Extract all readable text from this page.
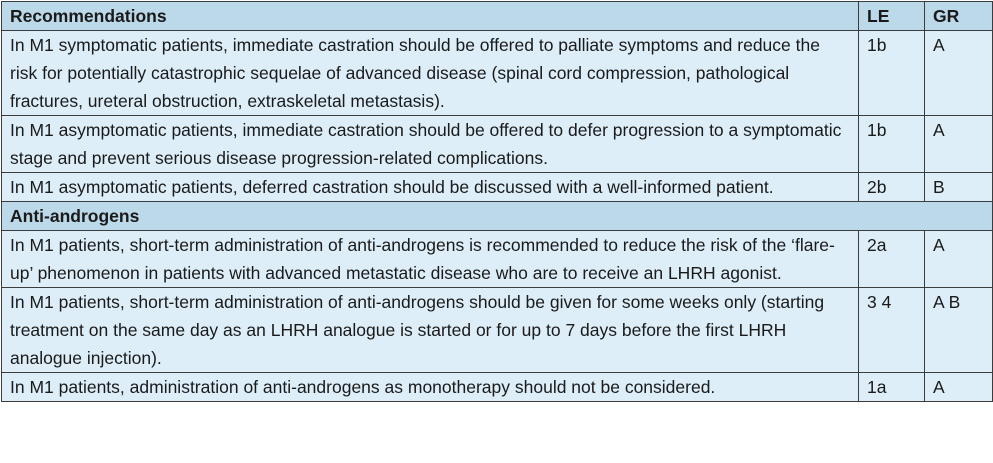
Recommendations	LE	GR
In M1 symptomatic patients, immediate castration should be offered to palliate symptoms and reduce the risk for potentially catastrophic sequelae of advanced disease (spinal cord compression, pathological fractures, ureteral obstruction, extraskeletal metastasis).	1b	A
In M1 asymptomatic patients, immediate castration should be offered to defer progression to a symptomatic stage and prevent serious disease progression-related complications.	1b	A
In M1 asymptomatic patients, deferred castration should be discussed with a well-informed patient.	2b	B
Anti-androgens		
In M1 patients, short-term administration of anti-androgens is recommended to reduce the risk of the ‘flare-up’ phenomenon in patients with advanced metastatic disease who are to receive an LHRH agonist.	2a	A
In M1 patients, short-term administration of anti-androgens should be given for some weeks only (starting treatment on the same day as an LHRH analogue is started or for up to 7 days before the first LHRH analogue injection).	3 4	A B
In M1 patients, administration of anti-androgens as monotherapy should not be considered.	1a	A
